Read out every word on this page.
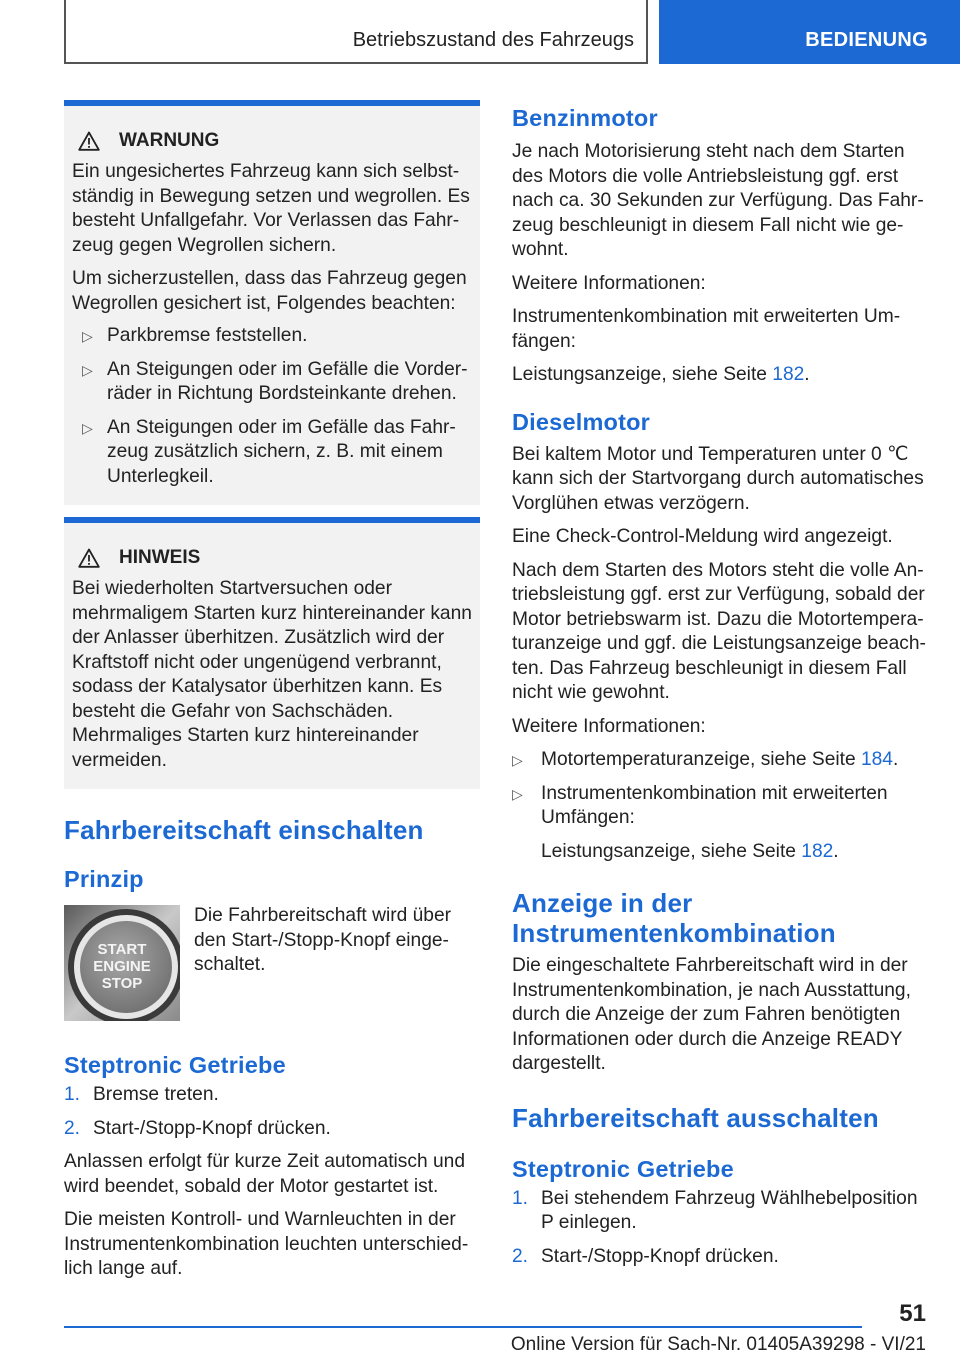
Betriebszustand des Fahrzeugs	BEDIENUNG
WARNUNG

Ein ungesichertes Fahrzeug kann sich selbstständig in Bewegung setzen und wegrollen. Es besteht Unfallgefahr. Vor Verlassen das Fahrzeug gegen Wegrollen sichern.

Um sicherzustellen, dass das Fahrzeug gegen Wegrollen gesichert ist, Folgendes beachten:

▷ Parkbremse feststellen.
▷ An Steigungen oder im Gefälle die Vorderräder in Richtung Bordsteinkante drehen.
▷ An Steigungen oder im Gefälle das Fahrzeug zusätzlich sichern, z. B. mit einem Unterlegkeil.
HINWEIS

Bei wiederholten Startversuchen oder mehrmaligem Starten kurz hintereinander kann der Anlasser überhitzen. Zusätzlich wird der Kraftstoff nicht oder ungenügend verbrannt, sodass der Katalysator überhitzen kann. Es besteht die Gefahr von Sachschäden. Mehrmaliges Starten kurz hintereinander vermeiden.

Fahrbereitschaft einschalten
Prinzip
START
ENGINE
STOP
Die Fahrbereitschaft wird über den Start-/Stopp-Knopf eingeschaltet.
Steptronic Getriebe
1. Bremse treten.
2. Start-/Stopp-Knopf drücken.

Anlassen erfolgt für kurze Zeit automatisch und wird beendet, sobald der Motor gestartet ist.

Die meisten Kontroll- und Warnleuchten in der Instrumentenkombination leuchten unterschiedlich lange auf.

Benzinmotor

Je nach Motorisierung steht nach dem Starten des Motors die volle Antriebsleistung ggf. erst nach ca. 30 Sekunden zur Verfügung. Das Fahrzeug beschleunigt in diesem Fall nicht wie gewohnt.

Weitere Informationen:

Instrumentenkombination mit erweiterten Umfängen:

Leistungsanzeige, siehe Seite 182.

Dieselmotor

Bei kaltem Motor und Temperaturen unter 0 ℃ kann sich der Startvorgang durch automatisches Vorglühen etwas verzögern.

Eine Check-Control-Meldung wird angezeigt.

Nach dem Starten des Motors steht die volle Antriebsleistung ggf. erst zur Verfügung, sobald der Motor betriebswarm ist. Dazu die Motortemperaturanzeige und ggf. die Leistungsanzeige beachten. Das Fahrzeug beschleunigt in diesem Fall nicht wie gewohnt.

Weitere Informationen:

▷ Motortemperaturanzeige, siehe Seite 184.
▷ Instrumentenkombination mit erweiterten Umfängen:
Leistungsanzeige, siehe Seite 182.
Anzeige in der Instrumentenkombination

Die eingeschaltete Fahrbereitschaft wird in der Instrumentenkombination, je nach Ausstattung, durch die Anzeige der zum Fahren benötigten Informationen oder durch die Anzeige READY dargestellt.

Fahrbereitschaft ausschalten
Steptronic Getriebe
1. Bei stehendem Fahrzeug Wählhebelposition P einlegen.
2. Start-/Stopp-Knopf drücken.
51
Online Version für Sach-Nr. 01405A39298 - VI/21
